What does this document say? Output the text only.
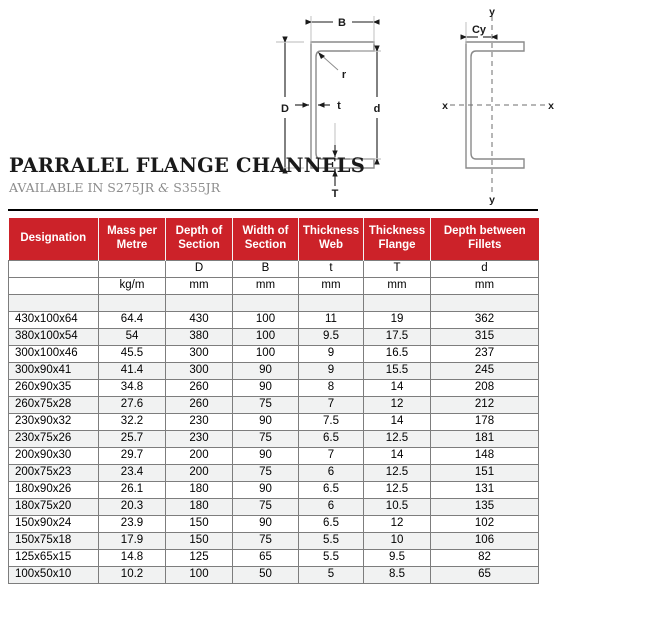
B
D	d
t
T
r
y
y
x	x
Cy
PARRALEL FLANGE CHANNELS

AVAILABLE IN S275JR & S355JR

Designation	Mass per Metre	Depth of Section	Width of Section	Thickness Web	Thickness Flange	Depth between Fillets
		D	B	t	T	d
	kg/m	mm	mm	mm	mm	mm

430x100x64	64.4	430	100	11	19	362
380x100x54	54	380	100	9.5	17.5	315
300x100x46	45.5	300	100	9	16.5	237
300x90x41	41.4	300	90	9	15.5	245
260x90x35	34.8	260	90	8	14	208
260x75x28	27.6	260	75	7	12	212
230x90x32	32.2	230	90	7.5	14	178
230x75x26	25.7	230	75	6.5	12.5	181
200x90x30	29.7	200	90	7	14	148
200x75x23	23.4	200	75	6	12.5	151
180x90x26	26.1	180	90	6.5	12.5	131
180x75x20	20.3	180	75	6	10.5	135
150x90x24	23.9	150	90	6.5	12	102
150x75x18	17.9	150	75	5.5	10	106
125x65x15	14.8	125	65	5.5	9.5	82
100x50x10	10.2	100	50	5	8.5	65
